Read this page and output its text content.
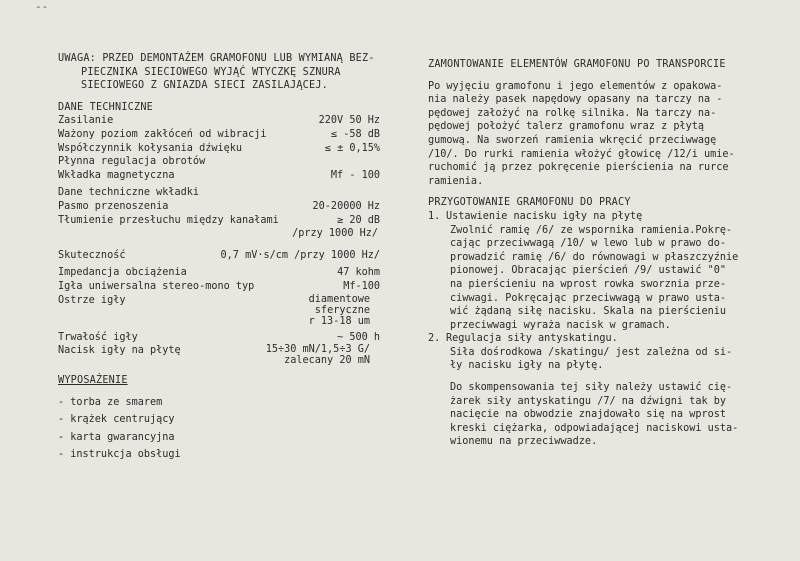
--
UWAGA: PRZED DEMONTAŻEM GRAMOFONU LUB WYMIANĄ BEZ-
PIECZNIKA SIECIOWEGO WYJĄĆ WTYCZKĘ SZNURA
SIECIOWEGO Z GNIAZDA SIECI ZASILAJĄCEJ.
DANE TECHNICZNE
Zasilanie	220V 50 Hz
Ważony poziom zakłóceń od wibracji	≤ -58 dB
Współczynnik kołysania dźwięku	≤ ± 0,15%
Płynna regulacja obrotów
Wkładka magnetyczna	Mf - 100
Dane techniczne wkładki
Pasmo przenoszenia	20-20000 Hz
Tłumienie przesłuchu między kanałami	≥ 20 dB
/przy 1000 Hz/
Skuteczność	0,7 mV·s/cm /przy 1000 Hz/
Impedancja obciążenia	47 kohm
Igła uniwersalna stereo-mono typ	Mf-100
Ostrze igły	diamentowe
sferyczne
r 13-18 um
Trwałość igły	~ 500 h
Nacisk igły na płytę	15÷30 mN/1,5÷3 G/
zalecany 20 mN
WYPOSAŻENIE
- torba ze smarem
- krążek centrujący
- karta gwarancyjna
- instrukcja obsługi
ZAMONTOWANIE ELEMENTÓW GRAMOFONU PO TRANSPORCIE
Po wyjęciu gramofonu i jego elementów z opakowa-
nia należy pasek napędowy opasany na tarczy na -
pędowej założyć na rolkę silnika. Na tarczy na-
pędowej położyć talerz gramofonu wraz z płytą
gumową. Na sworzeń ramienia wkręcić przeciwwagę
/10/. Do rurki ramienia włożyć głowicę /12/i umie-
ruchomić ją przez pokręcenie pierścienia na rurce
ramienia.
PRZYGOTOWANIE GRAMOFONU DO PRACY
1. Ustawienie nacisku igły na płytę
Zwolnić ramię /6/ ze wspornika ramienia.Pokrę-
cając przeciwwagą /10/ w lewo lub w prawo do-
prowadzić ramię /6/ do równowagi w płaszczyźnie
pionowej. Obracając pierścień /9/ ustawić "0"
na pierścieniu na wprost rowka sworznia prze-
ciwwagi. Pokręcając przeciwwagą w prawo usta-
wić żądaną siłę nacisku. Skala na pierścieniu
przeciwwagi wyraża nacisk w gramach.
2. Regulacja siły antyskatingu.
Siła dośrodkowa /skatingu/ jest zależna od si-
ły nacisku igły na płytę.
Do skompensowania tej siły należy ustawić cię-
żarek siły antyskatingu /7/ na dźwigni tak by
nacięcie na obwodzie znajdowało się na wprost
kreski ciężarka, odpowiadającej naciskowi usta-
wionemu na przeciwwadze.
